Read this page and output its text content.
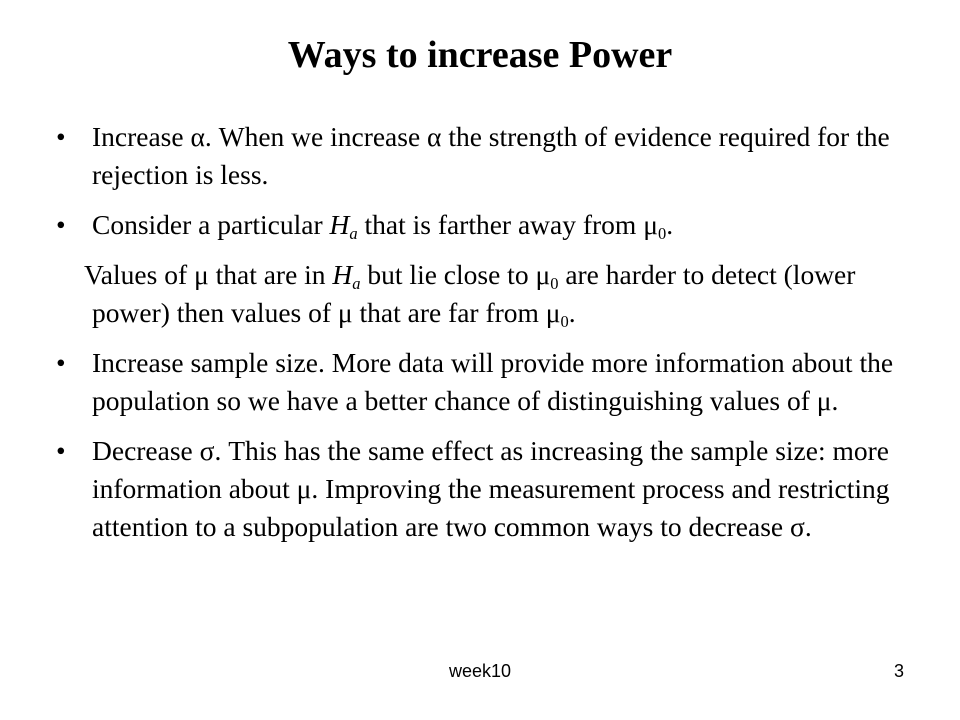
Ways to increase Power
• Increase α. When we increase α the strength of evidence required for the rejection is less.
• Consider a particular $H_a$ that is farther away from $\mu_0$.
Values of μ that are in $H_a$ but lie close to $\mu_0$ are harder to detect (lower power) then values of μ that are far from $\mu_0$.
• Increase sample size. More data will provide more information about the population so we have a better chance of distinguishing values of μ.
• Decrease σ. This has the same effect as increasing the sample size: more information about μ. Improving the measurement process and restricting attention to a subpopulation are two common ways to decrease σ.
week10	3
